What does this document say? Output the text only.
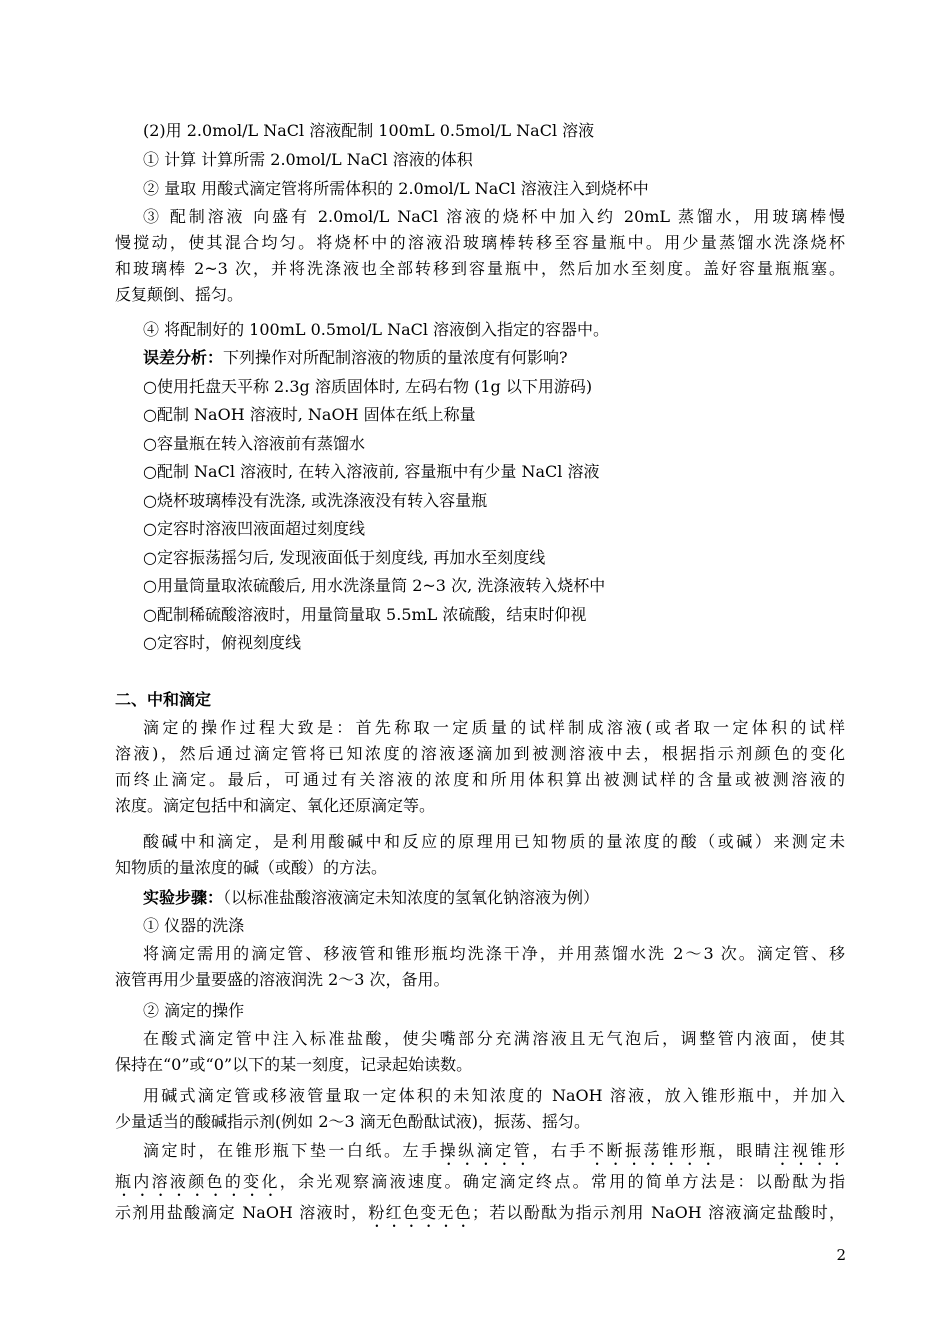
(2)用 2.0mol/L NaCl 溶液配制 100mL 0.5mol/L NaCl 溶液
① 计算 计算所需 2.0mol/L NaCl 溶液的体积
② 量取 用酸式滴定管将所需体积的 2.0mol/L NaCl 溶液注入到烧杯中
③ 配制溶液 向盛有 2.0mol/L NaCl 溶液的烧杯中加入约 20mL 蒸馏水，用玻璃棒慢
慢搅动，使其混合均匀。将烧杯中的溶液沿玻璃棒转移至容量瓶中。用少量蒸馏水洗涤烧杯
和玻璃棒 2~3 次，并将洗涤液也全部转移到容量瓶中，然后加水至刻度。盖好容量瓶瓶塞。
反复颠倒、摇匀。
④ 将配制好的 100mL 0.5mol/L NaCl 溶液倒入指定的容器中。
误差分析：下列操作对所配制溶液的物质的量浓度有何影响?
○使用托盘天平称 2.3g 溶质固体时, 左码右物 (1g 以下用游码)
○配制 NaOH 溶液时, NaOH 固体在纸上称量
○容量瓶在转入溶液前有蒸馏水
○配制 NaCl 溶液时, 在转入溶液前, 容量瓶中有少量 NaCl 溶液
○烧杯玻璃棒没有洗涤, 或洗涤液没有转入容量瓶
○定容时溶液凹液面超过刻度线
○定容振荡摇匀后, 发现液面低于刻度线, 再加水至刻度线
○用量筒量取浓硫酸后, 用水洗涤量筒 2~3 次, 洗涤液转入烧杯中
○配制稀硫酸溶液时，用量筒量取 5.5mL 浓硫酸，结束时仰视
○定容时，俯视刻度线
二、中和滴定
滴定的操作过程大致是：首先称取一定质量的试样制成溶液(或者取一定体积的试样
溶液)，然后通过滴定管将已知浓度的溶液逐滴加到被测溶液中去，根据指示剂颜色的变化
而终止滴定。最后，可通过有关溶液的浓度和所用体积算出被测试样的含量或被测溶液的
浓度。滴定包括中和滴定、氧化还原滴定等。
酸碱中和滴定，是利用酸碱中和反应的原理用已知物质的量浓度的酸（或碱）来测定未
知物质的量浓度的碱（或酸）的方法。
实验步骤：（以标准盐酸溶液滴定未知浓度的氢氧化钠溶液为例）
① 仪器的洗涤
将滴定需用的滴定管、移液管和锥形瓶均洗涤干净，并用蒸馏水洗 2～3 次。滴定管、移
液管再用少量要盛的溶液润洗 2～3 次，备用。
② 滴定的操作
在酸式滴定管中注入标准盐酸，使尖嘴部分充满溶液且无气泡后，调整管内液面，使其
保持在“0”或“0”以下的某一刻度，记录起始读数。
用碱式滴定管或移液管量取一定体积的未知浓度的 NaOH 溶液，放入锥形瓶中，并加入
少量适当的酸碱指示剂(例如 2～3 滴无色酚酞试液)，振荡、摇匀。
滴定时，在锥形瓶下垫一白纸。左手操纵滴定管，右手不断振荡锥形瓶，眼睛注视锥形
瓶内溶液颜色的变化，余光观察滴液速度。确定滴定终点。常用的简单方法是：以酚酞为指
示剂用盐酸滴定 NaOH 溶液时，粉红色变无色；若以酚酞为指示剂用 NaOH 溶液滴定盐酸时，
2
